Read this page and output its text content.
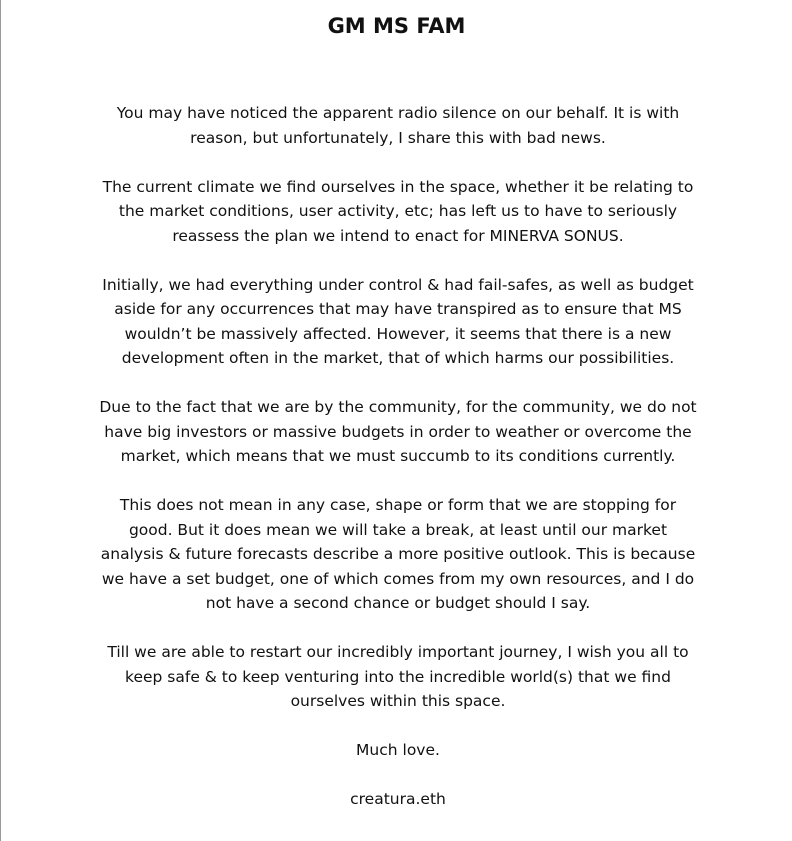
GM MS FAM

You may have noticed the apparent radio silence on our behalf. It is with reason, but unfortunately, I share this with bad news.

The current climate we find ourselves in the space, whether it be relating to the market conditions, user activity, etc; has left us to have to seriously reassess the plan we intend to enact for MINERVA SONUS.

Initially, we had everything under control & had fail-safes, as well as budget aside for any occurrences that may have transpired as to ensure that MS wouldn’t be massively affected. However, it seems that there is a new development often in the market, that of which harms our possibilities.

Due to the fact that we are by the community, for the community, we do not have big investors or massive budgets in order to weather or overcome the market, which means that we must succumb to its conditions currently.

This does not mean in any case, shape or form that we are stopping for good. But it does mean we will take a break, at least until our market analysis & future forecasts describe a more positive outlook. This is because we have a set budget, one of which comes from my own resources, and I do not have a second chance or budget should I say.

Till we are able to restart our incredibly important journey, I wish you all to keep safe & to keep venturing into the incredible world(s) that we find ourselves within this space.

Much love.

creatura.eth
